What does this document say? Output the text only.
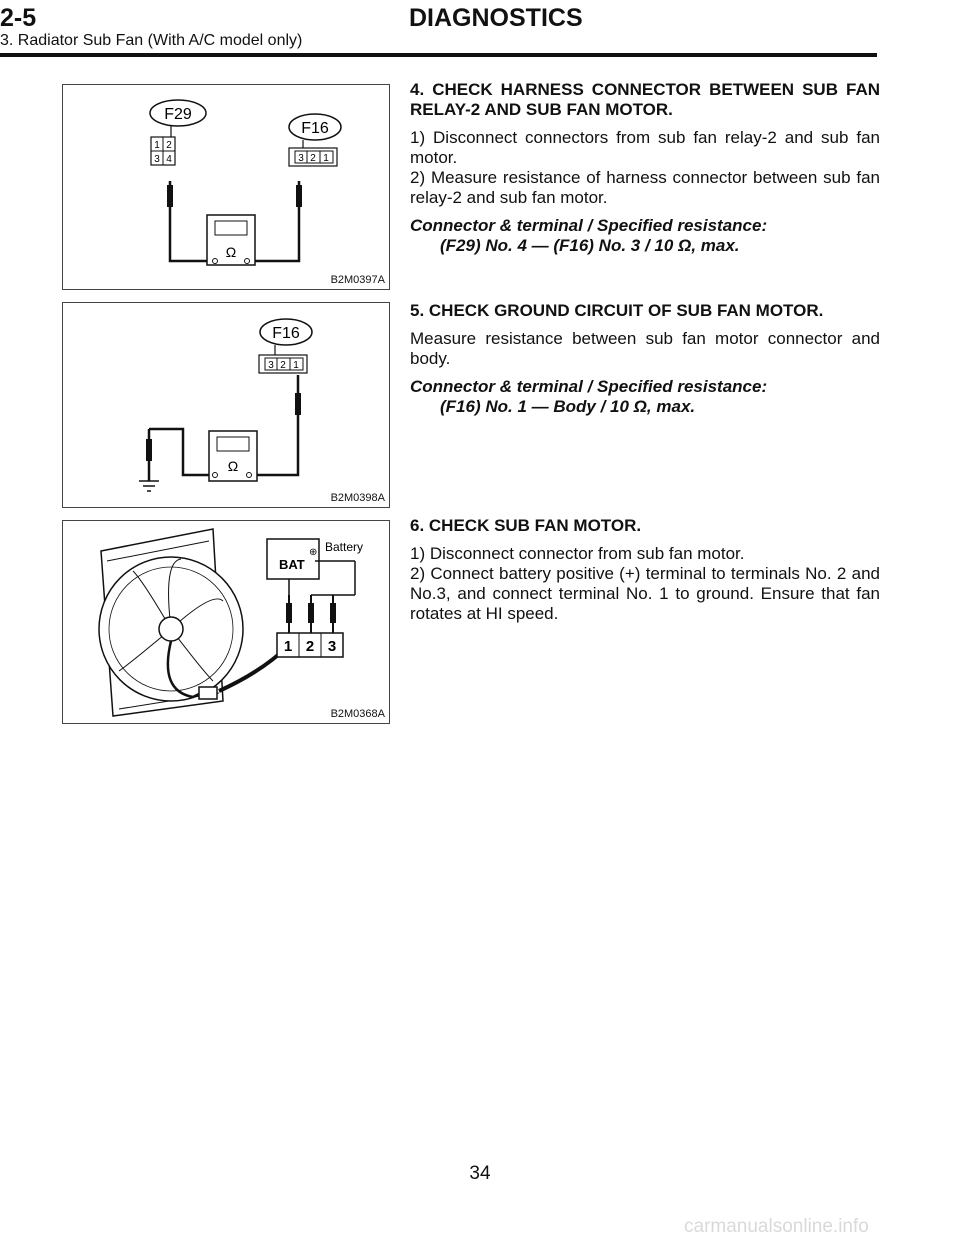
2-5	DIAGNOSTICS
3. Radiator Sub Fan (With A/C model only)
F29
1 2
3 4
F16
3 2 1
Ω
B2M0397A
F16
3 2 1
Ω
B2M0398A
Battery
BAT
⊕
1 2 3
B2M0368A

4. CHECK HARNESS CONNECTOR BETWEEN SUB FAN RELAY-2 AND SUB FAN MOTOR.

1) Disconnect connectors from sub fan relay-2 and sub fan motor.

2) Measure resistance of harness connector between sub fan relay-2 and sub fan motor.

Connector & terminal / Specified resistance:
(F29) No. 4 — (F16) No. 3 / 10 Ω, max.

5. CHECK GROUND CIRCUIT OF SUB FAN MOTOR.

Measure resistance between sub fan motor connector and body.

Connector & terminal / Specified resistance:
(F16) No. 1 — Body / 10 Ω, max.

6. CHECK SUB FAN MOTOR.

1) Disconnect connector from sub fan motor.

2) Connect battery positive (+) terminal to terminals No. 2 and No.3, and connect terminal No. 1 to ground. Ensure that fan rotates at HI speed.

34
carmanualsonline.info
